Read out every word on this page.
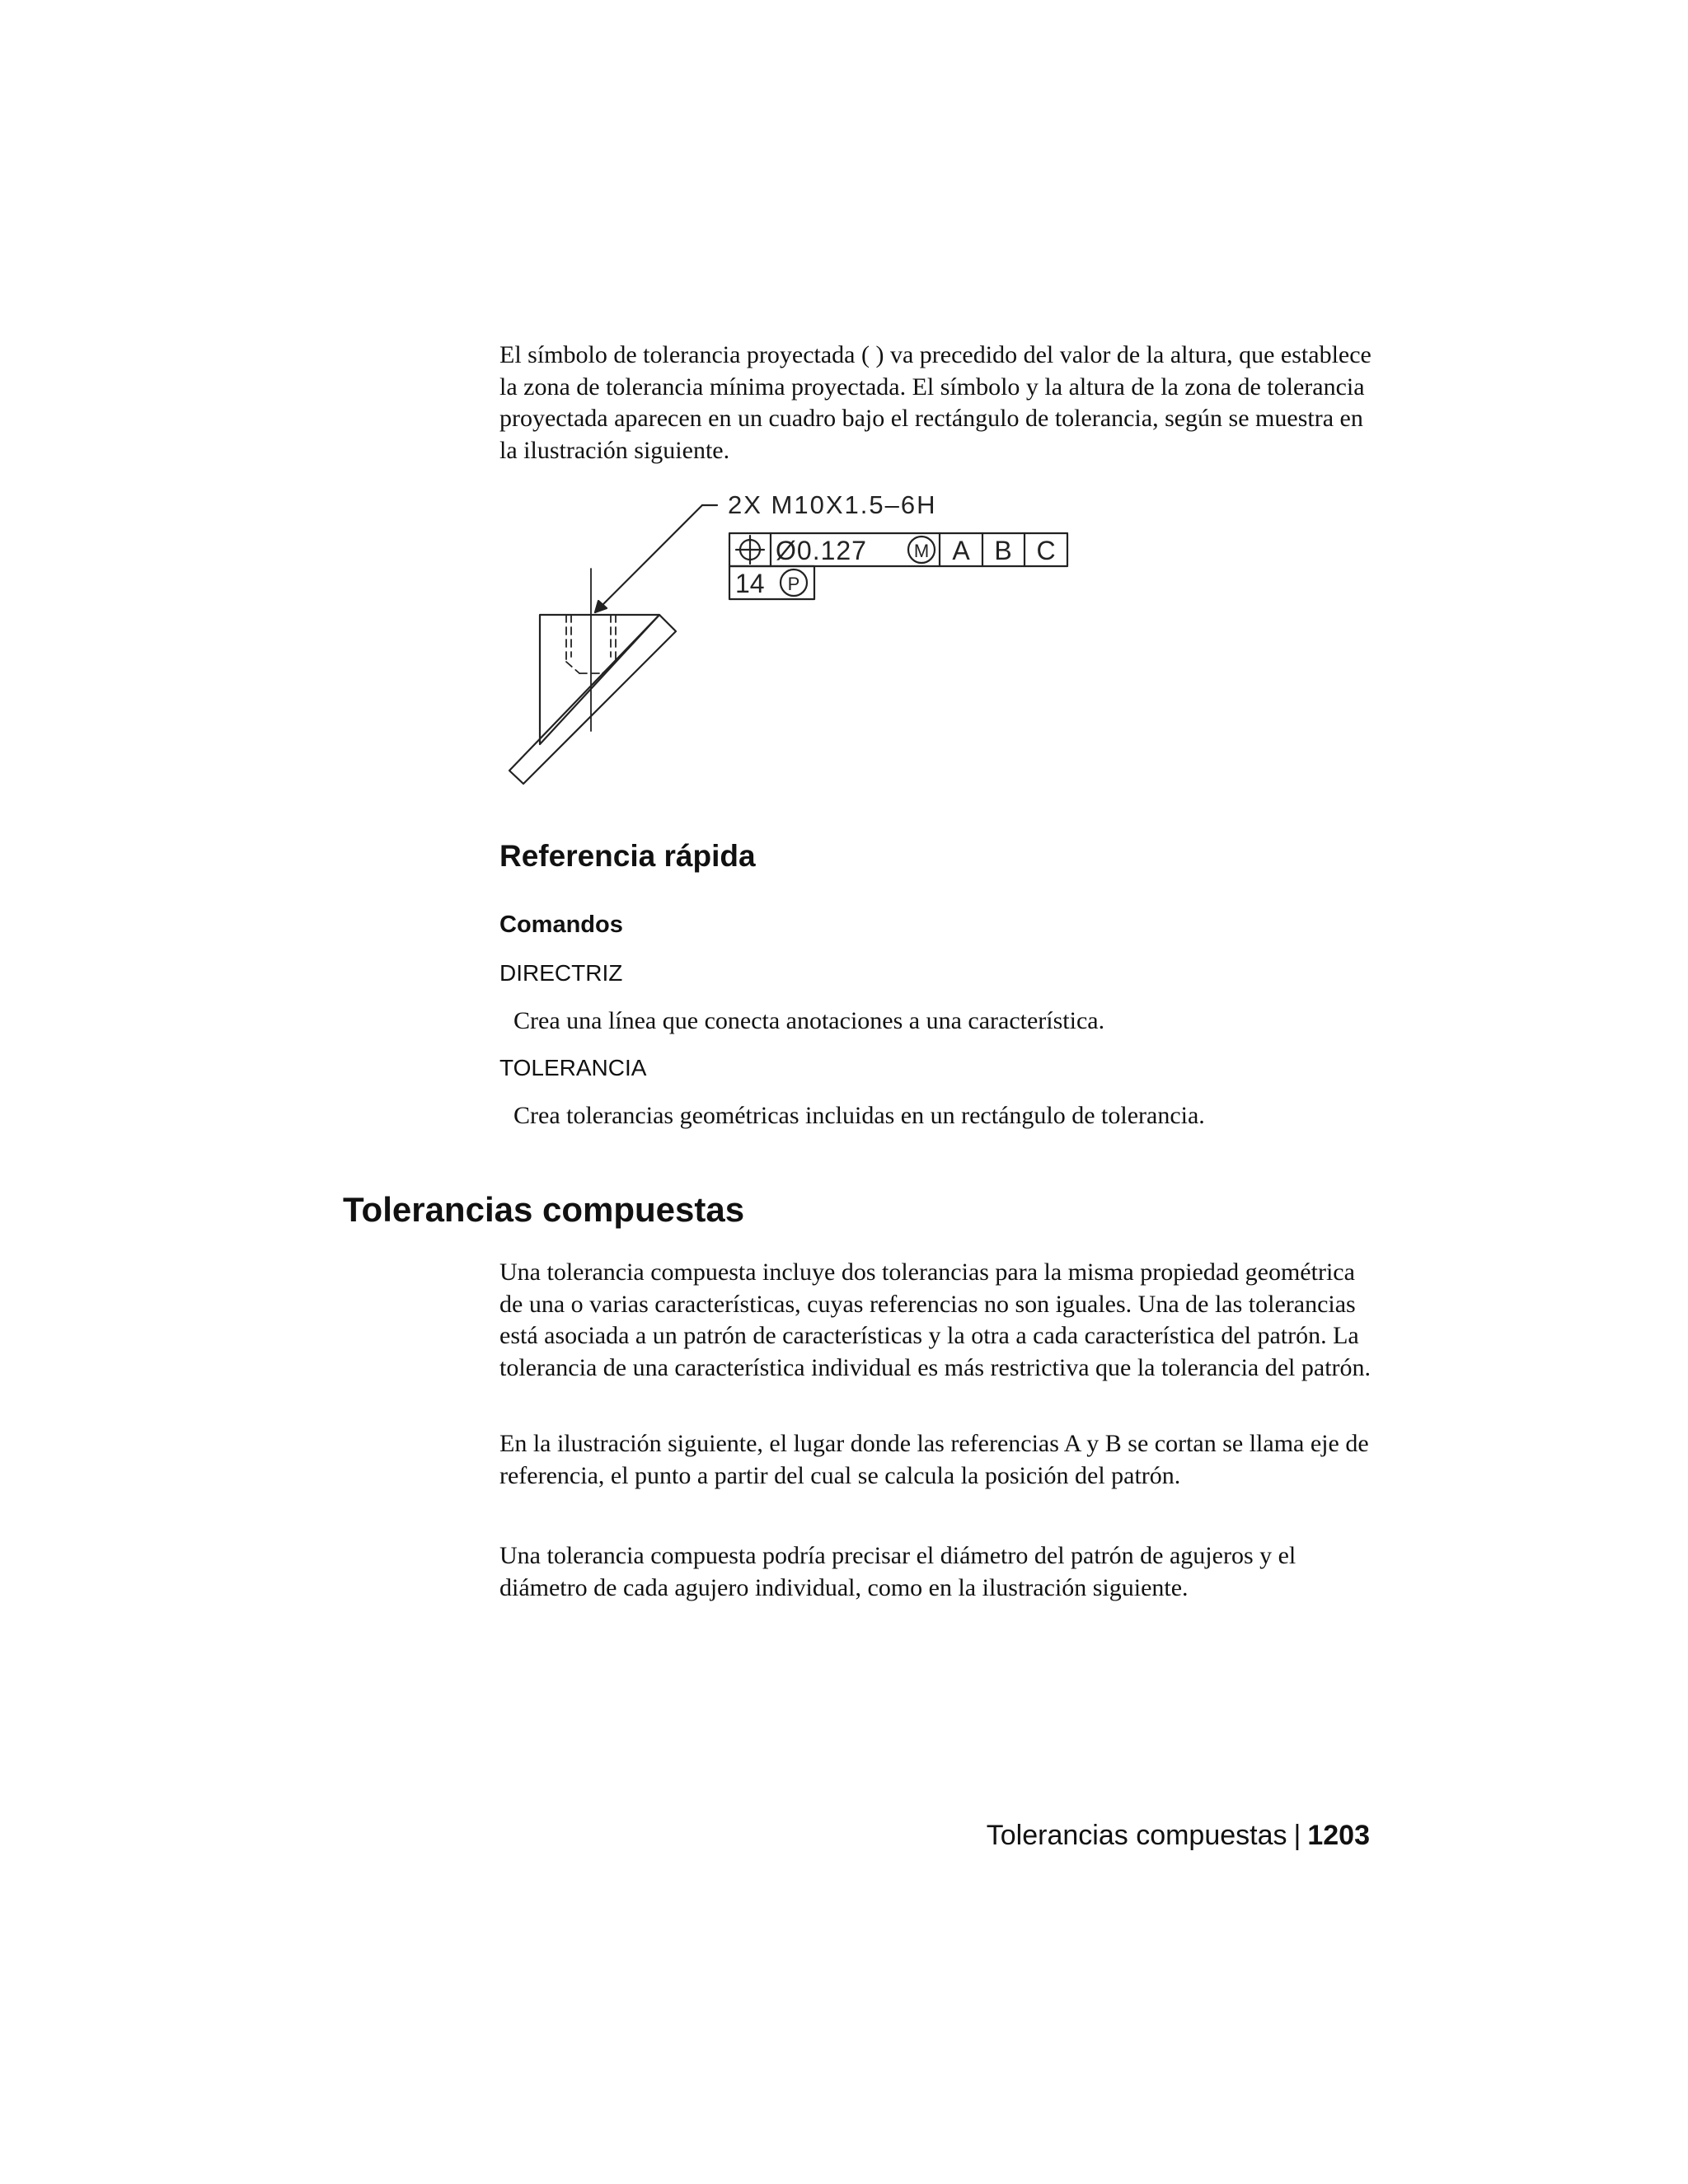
El símbolo de tolerancia proyectada ( ) va precedido del valor de la altura, que establece la zona de tolerancia mínima proyectada. El símbolo y la altura de la zona de tolerancia proyectada aparecen en un cuadro bajo el rectángulo de tolerancia, según se muestra en la ilustración siguiente.

2X M10X1.5–6H
Ø0.127	M A B C
14 P
Referencia rápida
Comandos

DIRECTRIZ

Crea una línea que conecta anotaciones a una característica.

TOLERANCIA

Crea tolerancias geométricas incluidas en un rectángulo de tolerancia.

Tolerancias compuestas

Una tolerancia compuesta incluye dos tolerancias para la misma propiedad geométrica de una o varias características, cuyas referencias no son iguales. Una de las tolerancias está asociada a un patrón de características y la otra a cada característica del patrón. La tolerancia de una característica individual es más restrictiva que la tolerancia del patrón.

En la ilustración siguiente, el lugar donde las referencias A y B se cortan se llama eje de referencia, el punto a partir del cual se calcula la posición del patrón.

Una tolerancia compuesta podría precisar el diámetro del patrón de agujeros y el diámetro de cada agujero individual, como en la ilustración siguiente.

Tolerancias compuestas | 1203
